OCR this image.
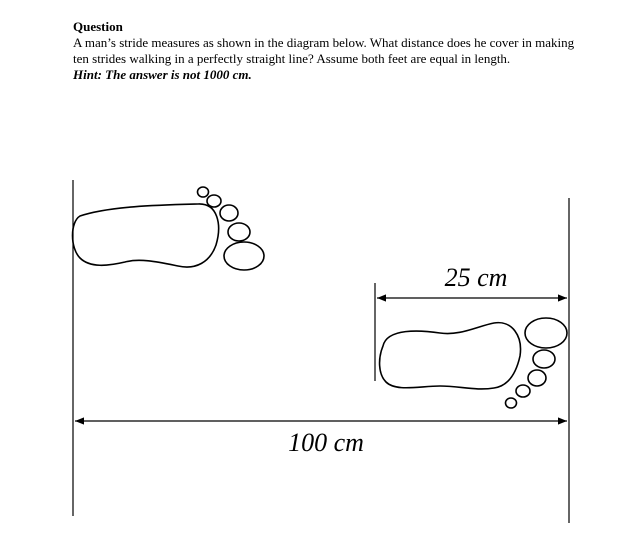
Question
A man’s stride measures as shown in the diagram below. What distance does he cover in making ten strides walking in a perfectly straight line? Assume both feet are equal in length.
Hint: The answer is not 1000 cm.
25 cm
100 cm
